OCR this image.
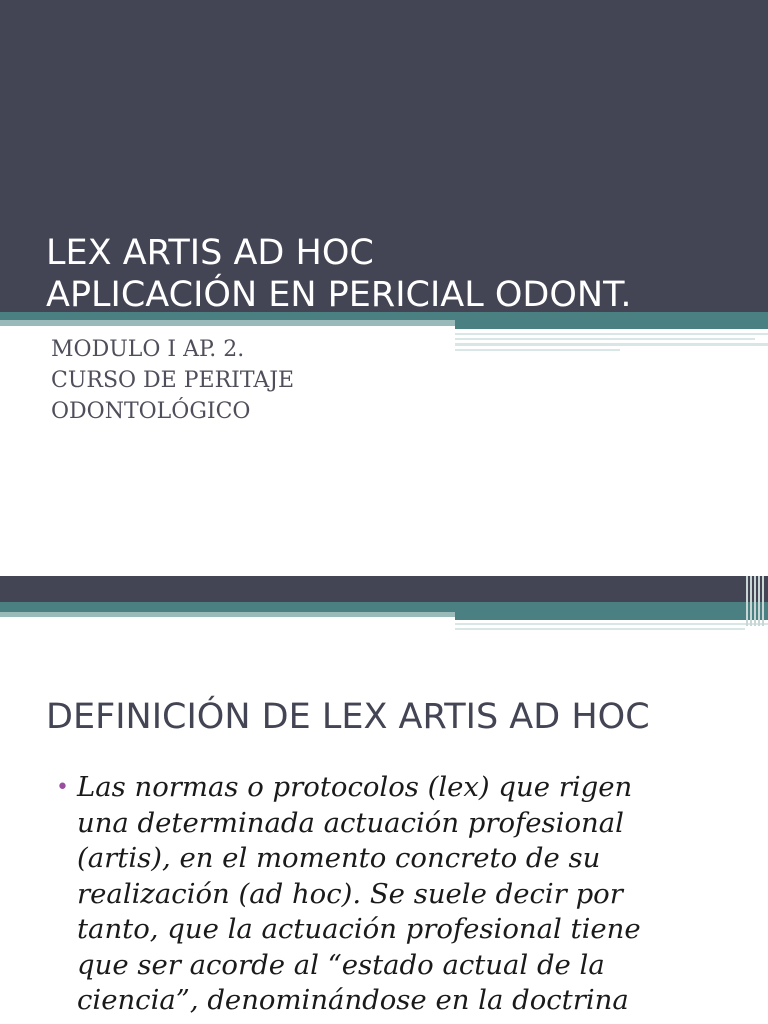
LEX ARTIS AD HOC
APLICACIÓN EN PERICIAL ODONT.
MODULO I AP. 2.
CURSO DE PERITAJE
ODONTOLÓGICO
DEFINICIÓN DE LEX ARTIS AD HOC
• Las normas o protocolos (lex) que rigen
una determinada actuación profesional
(artis), en el momento concreto de su
realización (ad hoc). Se suele decir por
tanto, que la actuación profesional tiene
que ser acorde al “estado actual de la
ciencia”, denominándose en la doctrina
